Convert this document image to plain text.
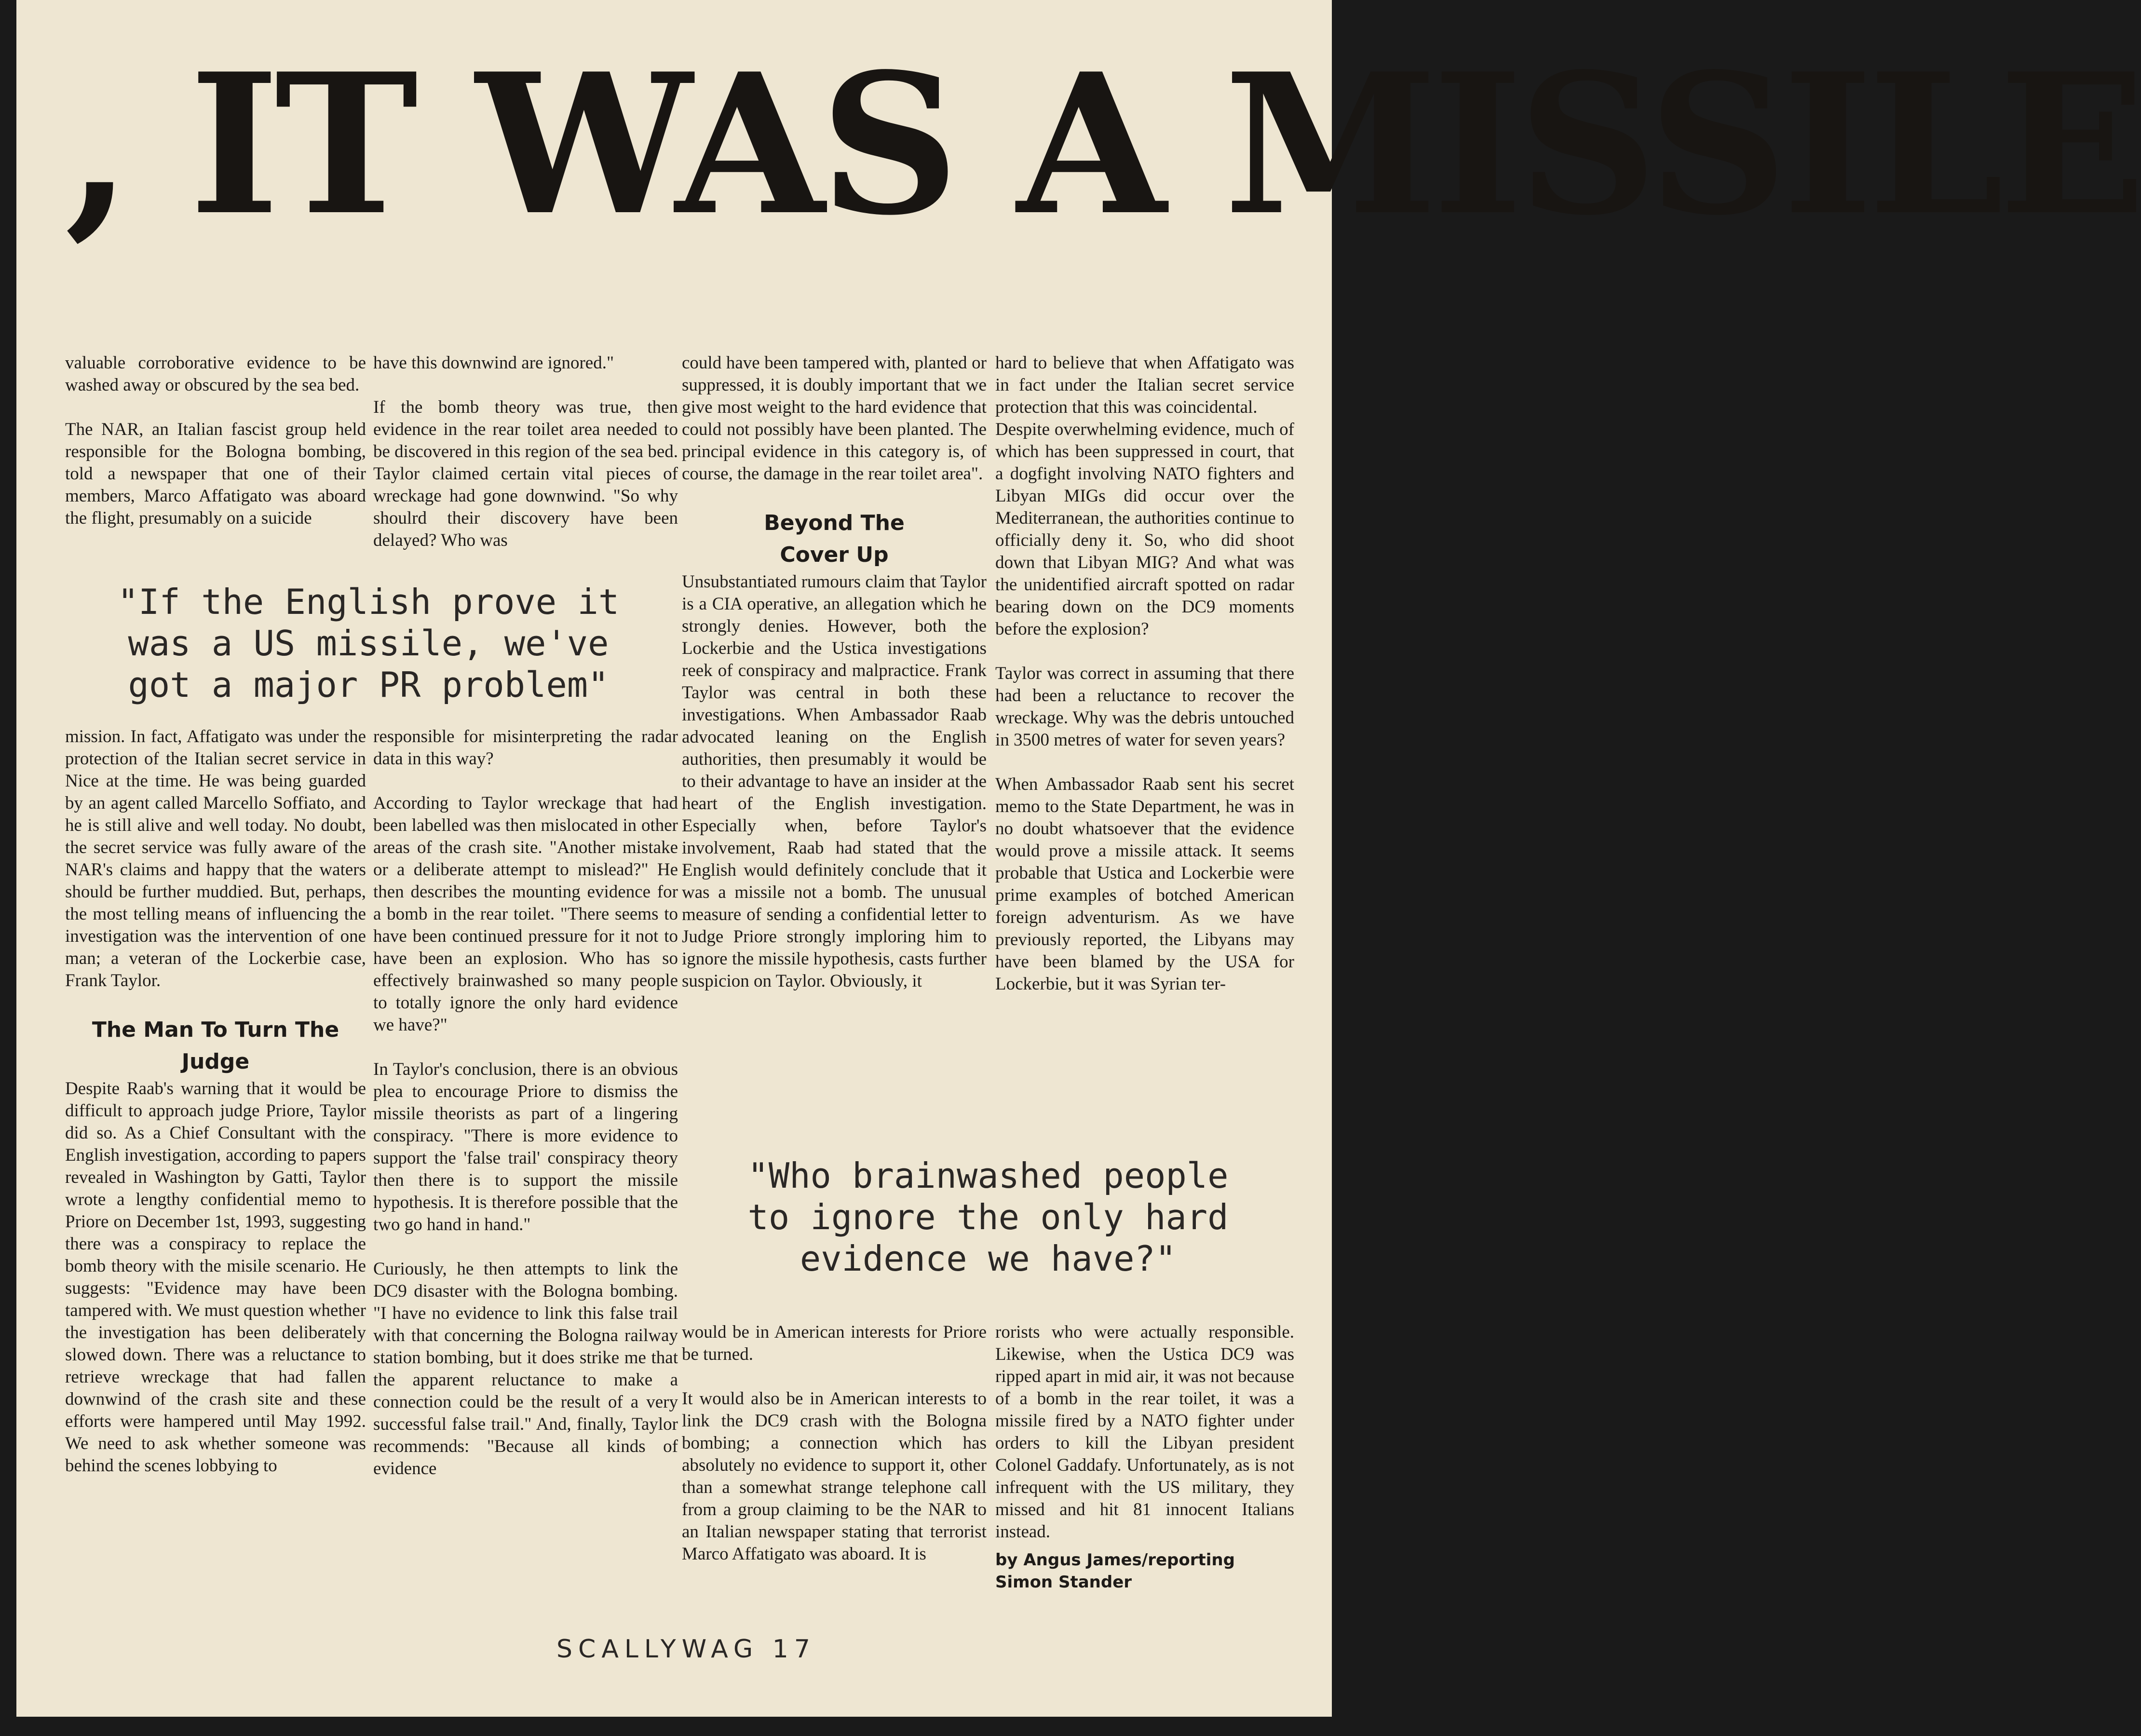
, IT WAS A MISSILE

valuable corroborative evidence to be washed away or obscured by the sea bed.

The NAR, an Italian fascist group held responsible for the Bologna bombing, told a newspaper that one of their members, Marco Affatigato was aboard the flight, presumably on a suicide

mission. In fact, Affatigato was under the protection of the Italian secret service in Nice at the time. He was being guarded by an agent called Marcello Soffiato, and he is still alive and well today. No doubt, the secret service was fully aware of the NAR's claims and happy that the waters should be further muddied. But, perhaps, the most telling means of influencing the investigation was the intervention of one man; a veteran of the Lockerbie case, Frank Taylor.

The Man To Turn The Judge

Despite Raab's warning that it would be difficult to approach judge Priore, Taylor did so. As a Chief Consultant with the English investigation, according to papers revealed in Washington by Gatti, Taylor wrote a lengthy confidential memo to Priore on December 1st, 1993, suggesting there was a conspiracy to replace the bomb theory with the misile scenario. He suggests: "Evidence may have been tampered with. We must question whether the investigation has been deliberately slowed down. There was a reluctance to retrieve wreckage that had fallen downwind of the crash site and these efforts were hampered until May 1992. We need to ask whether someone was behind the scenes lobbying to

have this downwind are ignored."

If the bomb theory was true, then evidence in the rear toilet area needed to be discovered in this region of the sea bed. Taylor claimed certain vital pieces of wreckage had gone downwind. "So why shoulrd their discovery have been delayed? Who was

responsible for misinterpreting the radar data in this way?

According to Taylor wreckage that had been labelled was then mislocated in other areas of the crash site. "Another mistake or a deliberate attempt to mislead?" He then describes the mounting evidence for a bomb in the rear toilet. "There seems to have been continued pressure for it not to have been an explosion. Who has so effectively brainwashed so many people to totally ignore the only hard evidence we have?"

In Taylor's conclusion, there is an obvious plea to encourage Priore to dismiss the missile theorists as part of a lingering conspiracy. "There is more evidence to support the 'false trail' conspiracy theory then there is to support the missile hypothesis. It is therefore possible that the two go hand in hand."

Curiously, he then attempts to link the DC9 disaster with the Bologna bombing. "I have no evidence to link this false trail with that concerning the Bologna railway station bombing, but it does strike me that the apparent reluctance to make a connection could be the result of a very successful false trail." And, finally, Taylor recommends: "Because all kinds of evidence

could have been tampered with, planted or suppressed, it is doubly important that we give most weight to the hard evidence that could not possibly have been planted. The principal evidence in this category is, of course, the damage in the rear toilet area".

Beyond The Cover Up

Unsubstantiated rumours claim that Taylor is a CIA operative, an allegation which he strongly denies. However, both the Lockerbie and the Ustica investigations reek of conspiracy and malpractice. Frank Taylor was central in both these investigations. When Ambassador Raab advocated leaning on the English authorities, then presumably it would be to their advantage to have an insider at the heart of the English investigation. Especially when, before Taylor's involvement, Raab had stated that the English would definitely conclude that it was a missile not a bomb. The unusual measure of sending a confidential letter to Judge Priore strongly imploring him to ignore the missile hypothesis, casts further suspicion on Taylor. Obviously, it

would be in American interests for Priore be turned.

It would also be in American interests to link the DC9 crash with the Bologna bombing; a connection which has absolutely no evidence to support it, other than a somewhat strange telephone call from a group claiming to be the NAR to an Italian newspaper stating that terrorist Marco Affatigato was aboard. It is

hard to believe that when Affatigato was in fact under the Italian secret service protection that this was coincidental.

Despite overwhelming evidence, much of which has been suppressed in court, that a dogfight involving NATO fighters and Libyan MIGs did occur over the Mediterranean, the authorities continue to officially deny it. So, who did shoot down that Libyan MIG? And what was the unidentified aircraft spotted on radar bearing down on the DC9 moments before the explosion?

Taylor was correct in assuming that there had been a reluctance to recover the wreckage. Why was the debris untouched in 3500 metres of water for seven years?

When Ambassador Raab sent his secret memo to the State Department, he was in no doubt whatsoever that the evidence would prove a missile attack. It seems probable that Ustica and Lockerbie were prime examples of botched American foreign adventurism. As we have previously reported, the Libyans may have been blamed by the USA for Lockerbie, but it was Syrian ter-

rorists who were actually responsible. Likewise, when the Ustica DC9 was ripped apart in mid air, it was not because of a bomb in the rear toilet, it was a missile fired by a NATO fighter under orders to kill the Libyan president Colonel Gaddafy. Unfortunately, as is not infrequent with the US military, they missed and hit 81 innocent Italians instead.

by Angus James/reporting
Simon Stander

"If the English prove it
was a US missile, we've
got a major PR problem"
"Who brainwashed people
to ignore the only hard
evidence we have?"
SCALLYWAG 17
